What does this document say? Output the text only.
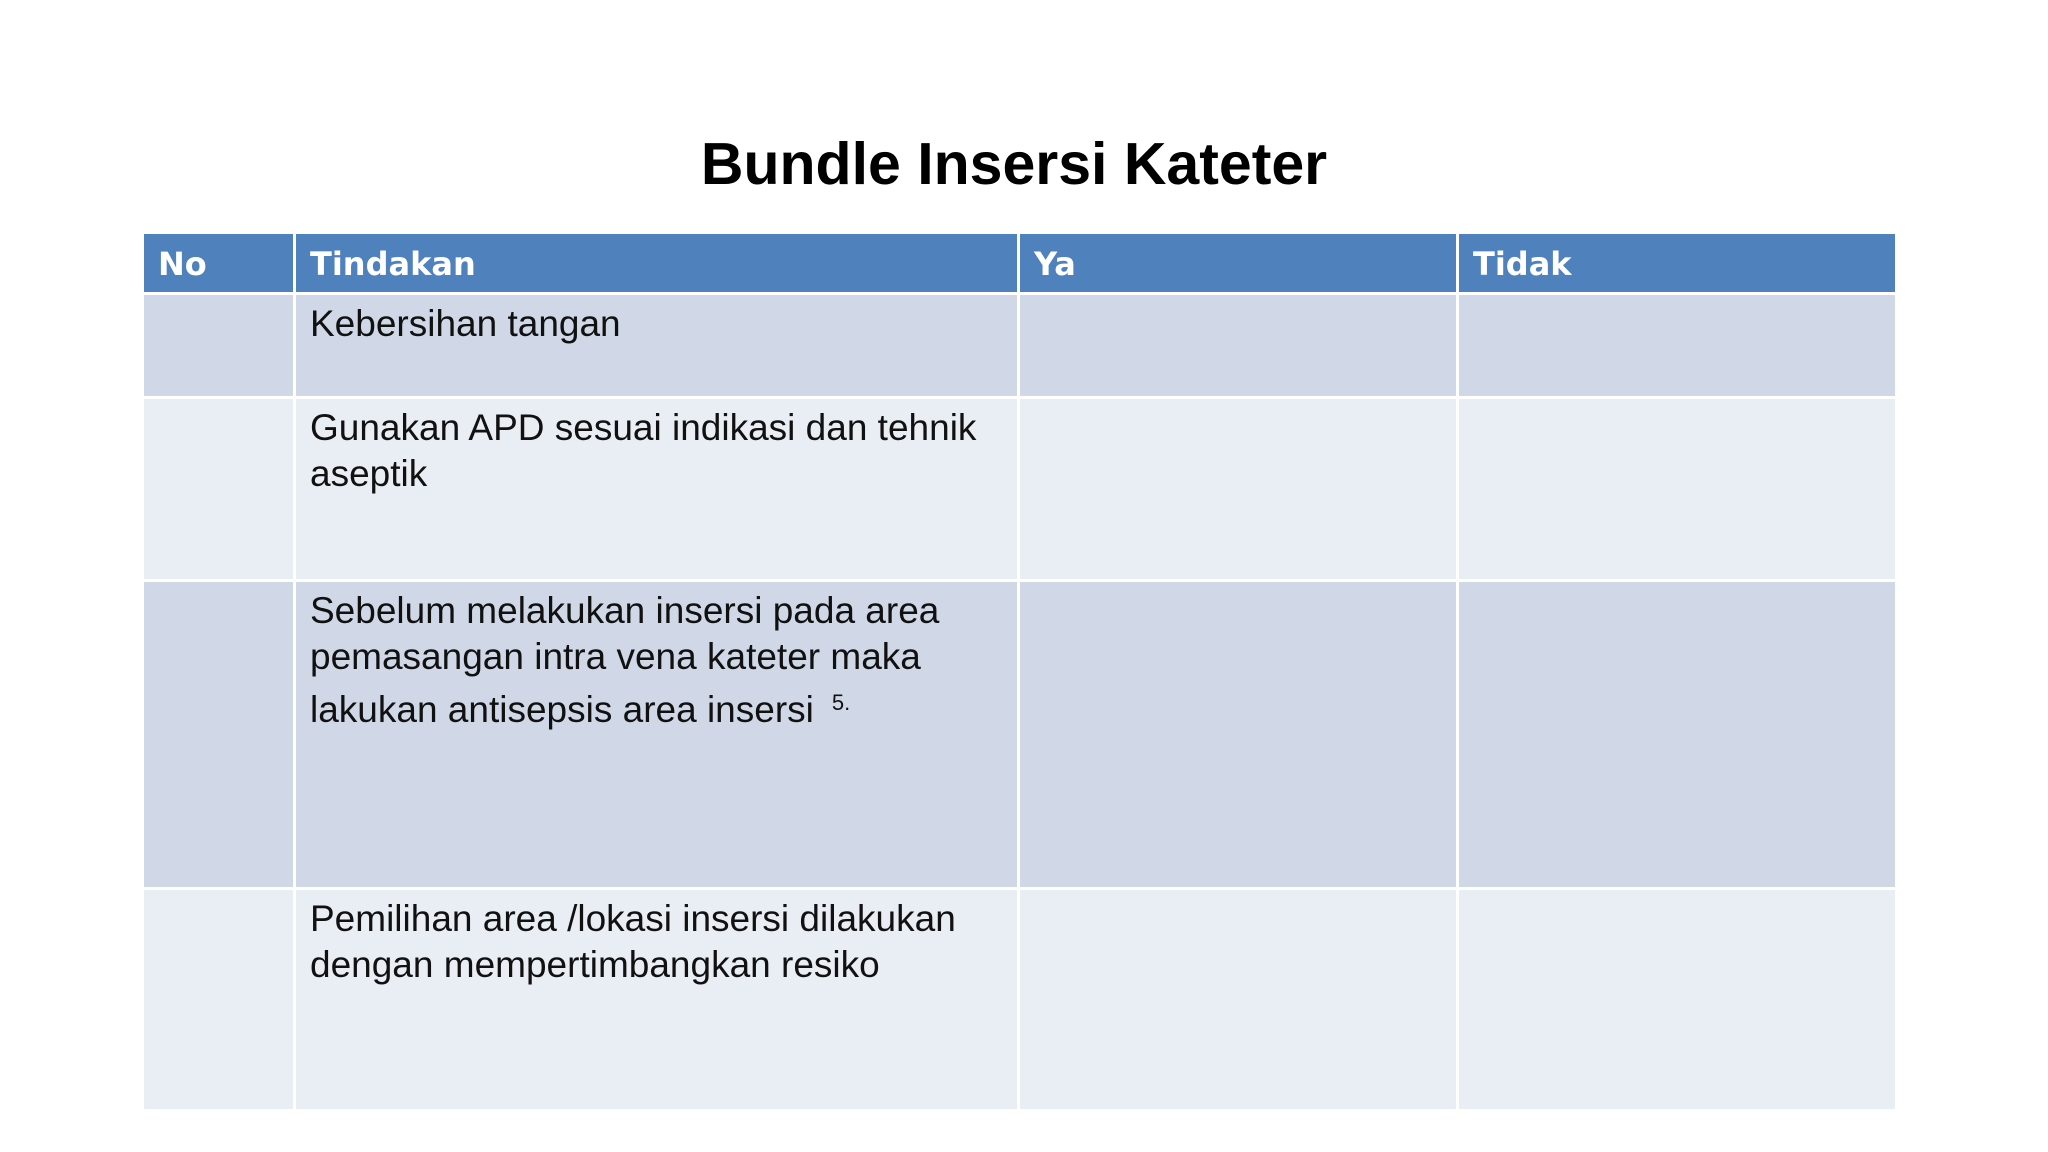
Bundle Insersi Kateter
No	Tindakan	Ya	Tidak
	Kebersihan tangan		
	Gunakan APD sesuai indikasi dan tehnik aseptik		
	Sebelum melakukan insersi pada area pemasangan intra vena kateter maka lakukan antisepsis area insersi $^{5.}$		
	Pemilihan area /lokasi insersi dilakukan dengan mempertimbangkan resiko		
